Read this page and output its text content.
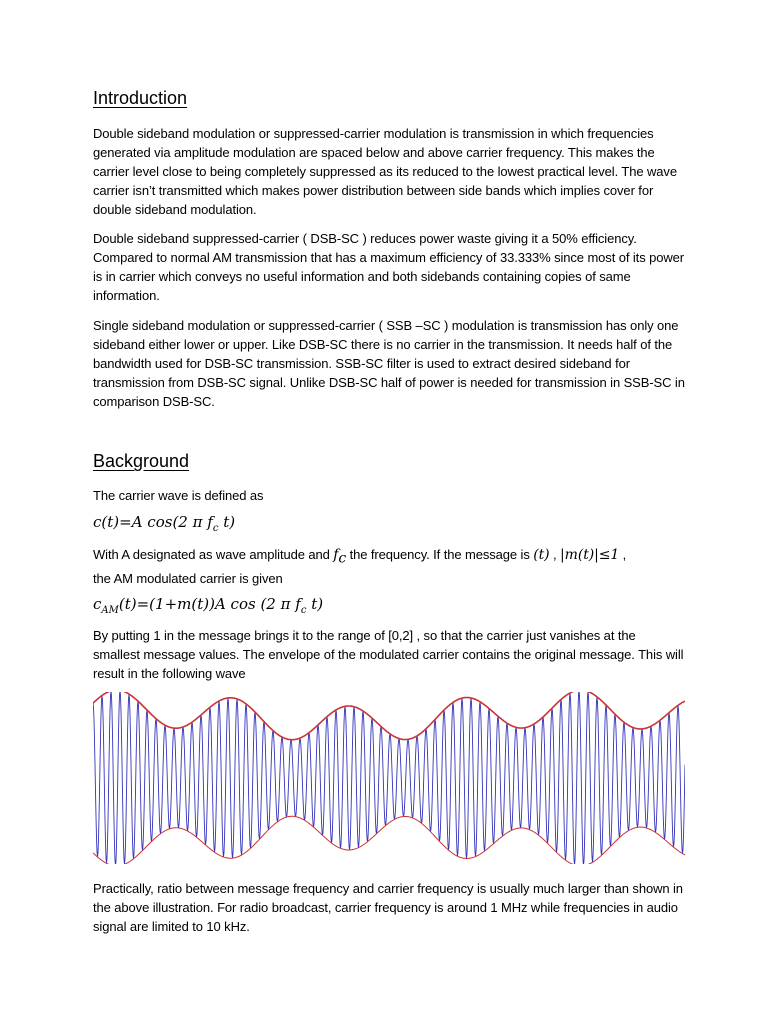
Introduction

Double sideband modulation or suppressed-carrier modulation is transmission in which frequencies generated via amplitude modulation are spaced below and above carrier frequency. This makes the carrier level close to being completely suppressed as its reduced to the lowest practical level. The wave carrier isn’t transmitted which makes power distribution between side bands which implies cover for double sideband modulation.

Double sideband suppressed-carrier ( DSB-SC ) reduces power waste giving it a 50% efficiency. Compared to normal AM transmission that has a maximum efficiency of 33.333% since most of its power is in carrier which conveys no useful information and both sidebands containing copies of same information.

Single sideband modulation or suppressed-carrier ( SSB –SC ) modulation is transmission has only one sideband either lower or upper. Like DSB-SC there is no carrier in the transmission. It needs half of the bandwidth used for DSB-SC transmission. SSB-SC filter is used to extract desired sideband for transmission from DSB-SC signal. Unlike DSB-SC half of power is needed for transmission in SSB-SC in comparison DSB-SC.

Background

The carrier wave is defined as

c(t)=A cos(2 π $f_c$ t)

With A designated as wave amplitude and $f_c$ the frequency. If the message is (t) , |m(t)|≤1 ,
the AM modulated carrier is given

$c_{AM}(t)=(1+m(t))A$ cos (2 π $f_c$ t)

By putting 1 in the message brings it to the range of [0,2] , so that the carrier just vanishes at the smallest message values. The envelope of the modulated carrier contains the original message. This will result in the following wave

Practically, ratio between message frequency and carrier frequency is usually much larger than shown in the above illustration. For radio broadcast, carrier frequency is around 1 MHz while frequencies in audio signal are limited to 10 kHz.
